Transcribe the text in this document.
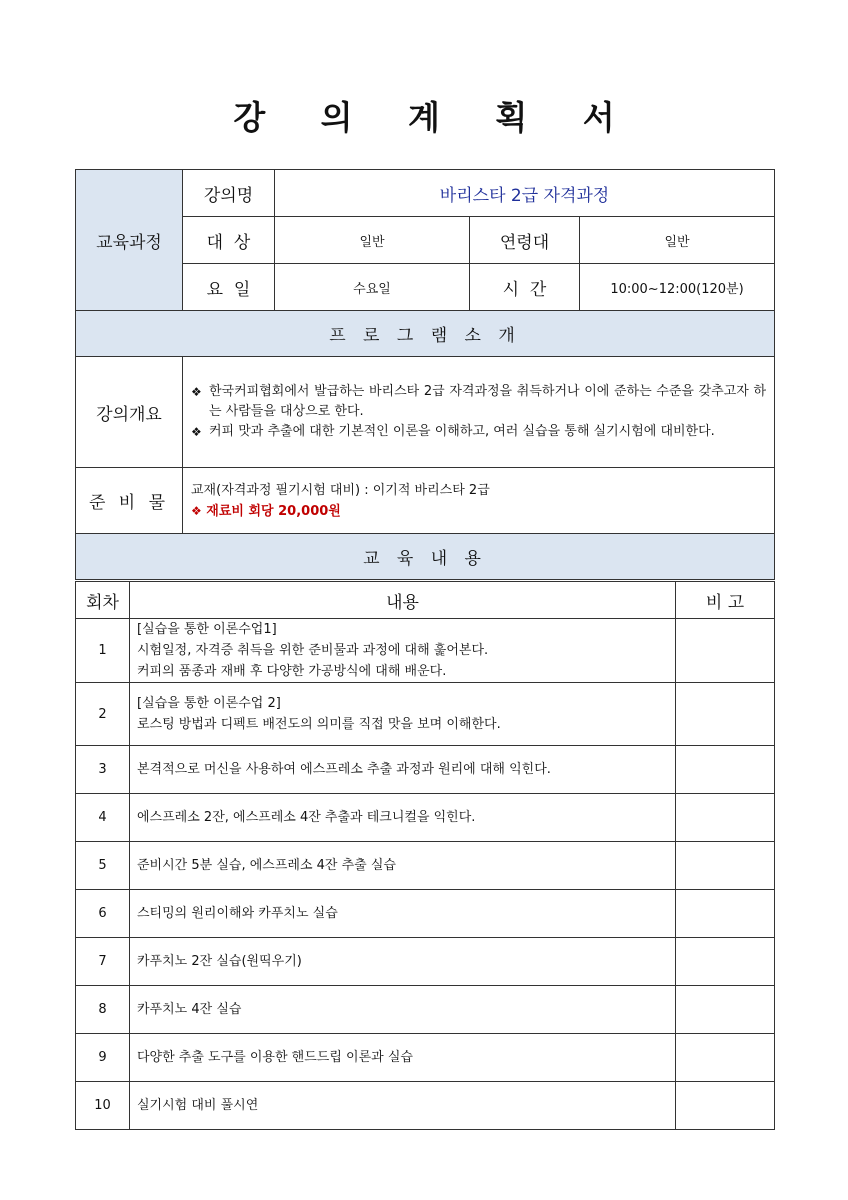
강 의 계 획 서
교육과정	강의명	바리스타 2급 자격과정		
	대  상	일반	연령대	일반
	요  일	수요일	시  간	10:00~12:00(120분)
프 로 그 램 소 개				
강의개요	❖ 한국커피협회에서 발급하는 바리스타 2급 자격과정을 취득하거나 이에 준하는 수준을 갖추고자 하는 사람들을 대상으로 한다.
❖ 커피 맛과 추출에 대한 기본적인 이론을 이해하고, 여러 실습을 통해 실기시험에 대비한다.			

준 비 물	교재(자격과정 필기시험 대비) : 이기적 바리스타 2급
❖ 재료비 회당 20,000원			

교 육 내 용				
회차	내용	비 고
1	[실습을 통한 이론수업1]
시험일정, 자격증 취득을 위한 준비물과 과정에 대해 훑어본다.
커피의 품종과 재배 후 다양한 가공방식에 대해 배운다.	

2	[실습을 통한 이론수업 2]
로스팅 방법과 디펙트 배전도의 의미를 직접 맛을 보며 이해한다.	

3	본격적으로 머신을 사용하여 에스프레소 추출 과정과 원리에 대해 익힌다.	
4	에스프레소 2잔, 에스프레소 4잔 추출과 테크니컬을 익힌다.	
5	준비시간 5분 실습, 에스프레소 4잔 추출 실습	
6	스티밍의 원리이해와 카푸치노 실습	
7	카푸치노 2잔 실습(원띡우기)	
8	카푸치노 4잔 실습	
9	다양한 추출 도구를 이용한 핸드드립 이론과 실습	
10	실기시험 대비 풀시연	
